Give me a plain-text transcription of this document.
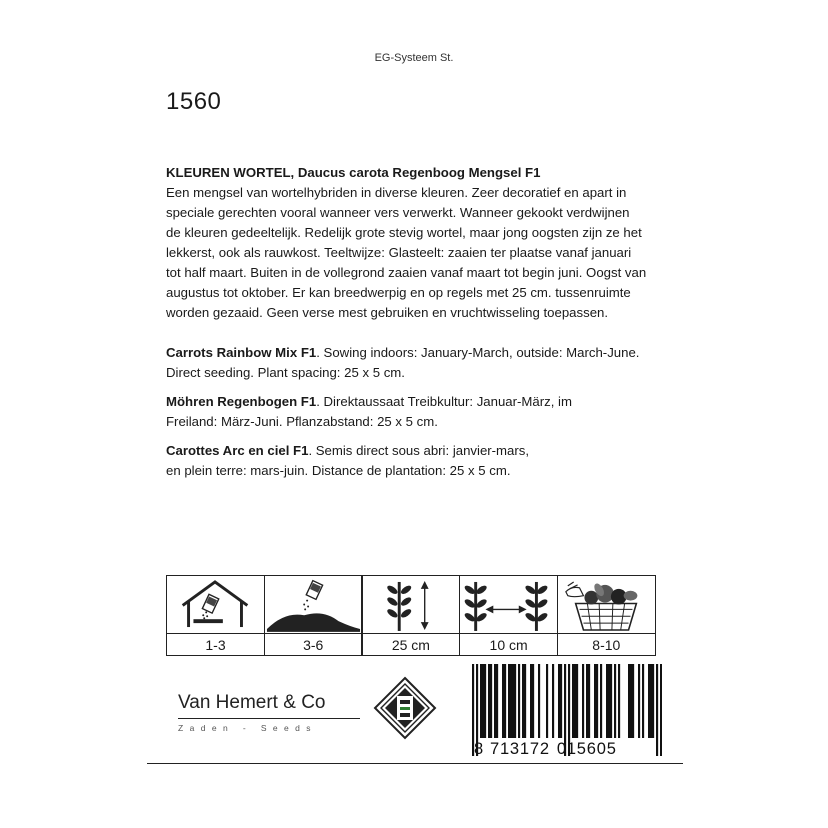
EG-Systeem St.
1560
KLEUREN WORTEL, Daucus carota Regenboog Mengsel F1
Een mengsel van wortelhybriden in diverse kleuren. Zeer decoratief en apart in
speciale gerechten vooral wanneer vers verwerkt. Wanneer gekookt verdwijnen
de kleuren gedeeltelijk. Redelijk grote stevig wortel, maar jong oogsten zijn ze het
lekkerst, ook als rauwkost. Teeltwijze: Glasteelt: zaaien ter plaatse vanaf januari
tot half maart. Buiten in de vollegrond zaaien vanaf maart tot begin juni. Oogst van
augustus tot oktober. Er kan breedwerpig en op regels met 25 cm. tussenruimte
worden gezaaid. Geen verse mest gebruiken en vruchtwisseling toepassen.
Carrots Rainbow Mix F1. Sowing indoors: January-March, outside: March-June.
Direct seeding. Plant spacing: 25 x 5 cm.
Möhren Regenbogen F1. Direktaussaat Treibkultur: Januar-März, im
Freiland: März-Juni. Pflanzabstand: 25 x 5 cm.
Carottes Arc en ciel F1. Semis direct sous abri: janvier-mars,
en plein terre: mars-juin. Distance de plantation: 25 x 5 cm.
1-3	3-6	25 cm	10 cm	8-10
Van Hemert & Co
Zaden - Seeds
8 713172 015605
